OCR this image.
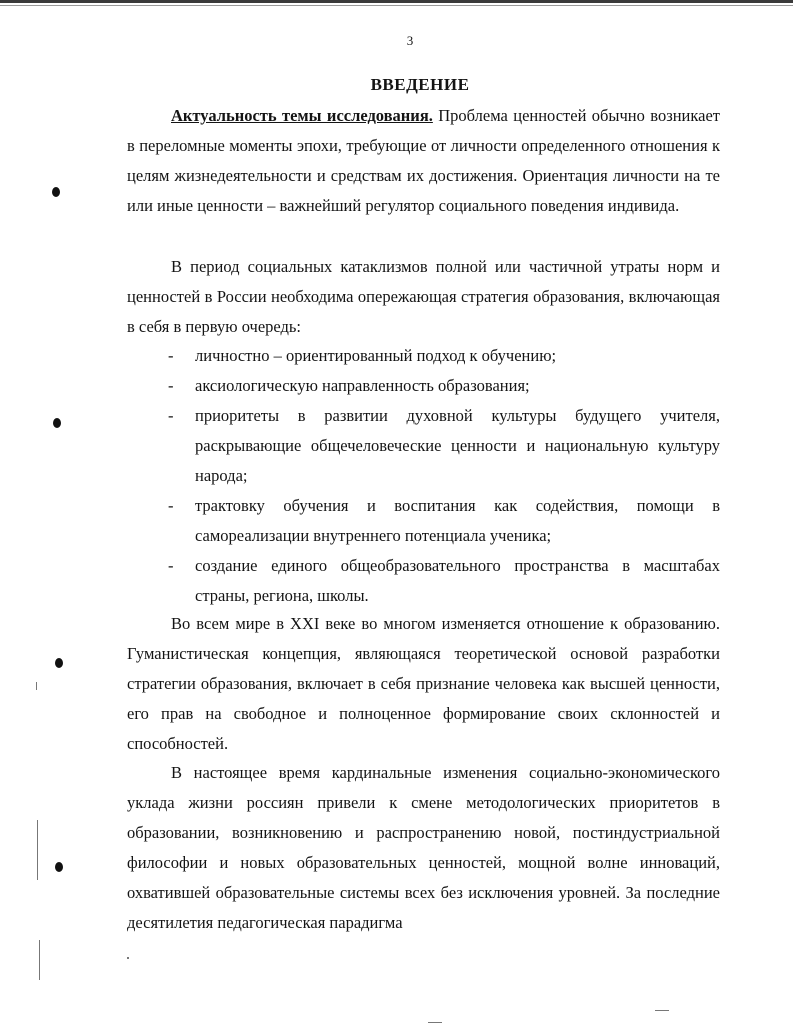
3
ВВЕДЕНИЕ

Актуальность темы исследования. Проблема ценностей обычно возникает в переломные моменты эпохи, требующие от личности определенного отношения к целям жизнедеятельности и средствам их достижения. Ориентация личности на те или иные ценности – важнейший регулятор социального поведения индивида.

В период социальных катаклизмов полной или частичной утраты норм и ценностей в России необходима опережающая стратегия образования, включающая в себя в первую очередь:

- личностно – ориентированный подход к обучению;
- аксиологическую направленность образования;
- приоритеты в развитии духовной культуры будущего учителя, раскрывающие общечеловеческие ценности и национальную культуру народа;
- трактовку обучения и воспитания как содействия, помощи в самореализации внутреннего потенциала ученика;
- создание единого общеобразовательного пространства в масштабах страны, региона, школы.

Во всем мире в XXI веке во многом изменяется отношение к образованию. Гуманистическая концепция, являющаяся теоретической основой разработки стратегии образования, включает в себя признание человека как высшей ценности, его прав на свободное и полноценное формирование своих склонностей и способностей.

В настоящее время кардинальные изменения социально-экономического уклада жизни россиян привели к смене методологических приоритетов в образовании, возникновению и распространению новой, постиндустриальной философии и новых образовательных ценностей, мощной волне инноваций, охватившей образовательные системы всех без исключения уровней. За последние десятилетия педагогическая парадигма
